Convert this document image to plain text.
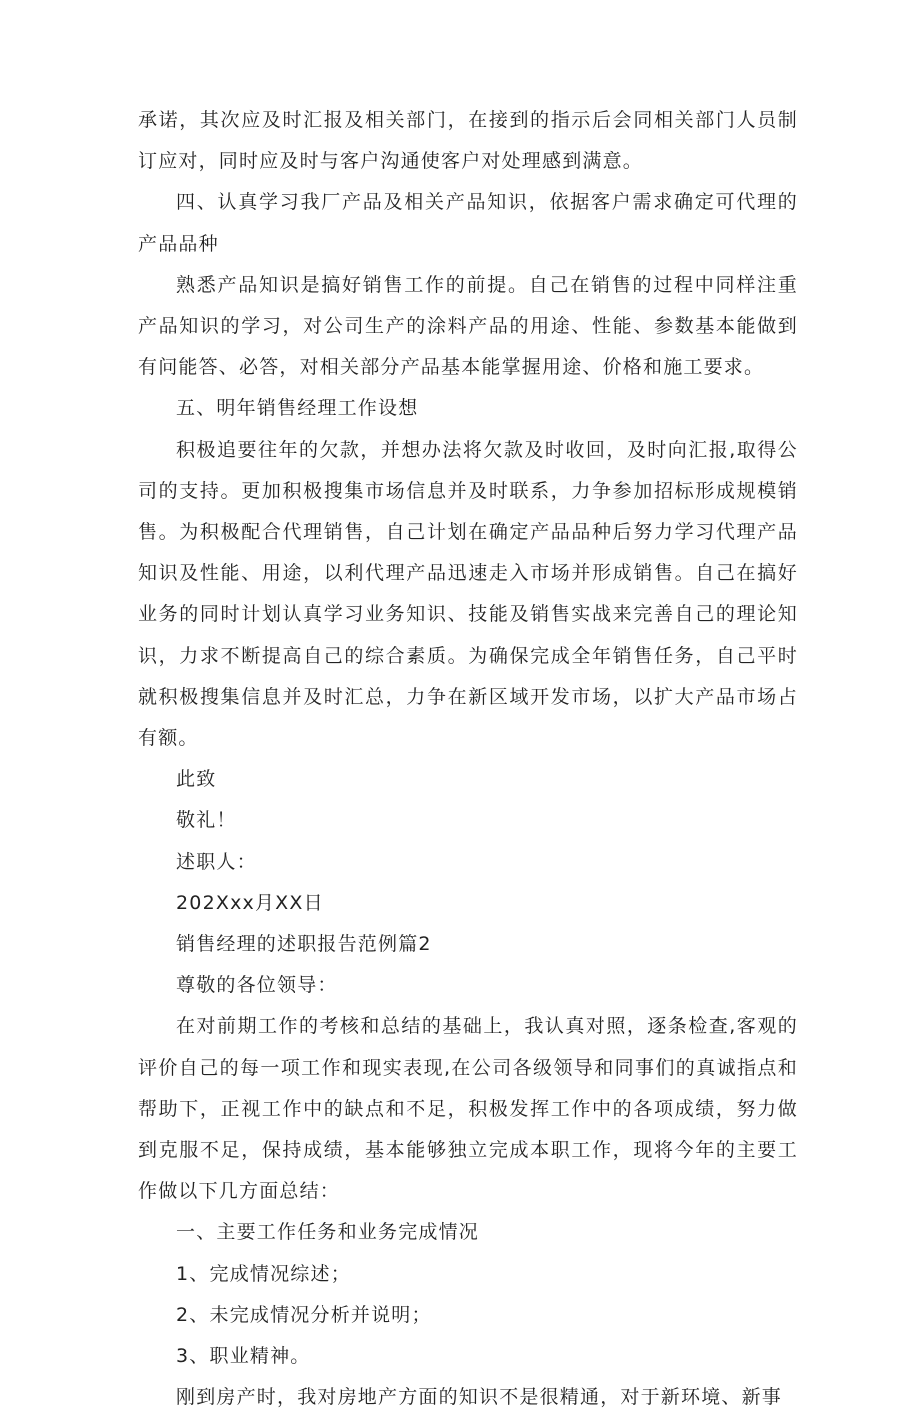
承诺，其次应及时汇报及相关部门，在接到的指示后会同相关部门人员制订应对，同时应及时与客户沟通使客户对处理感到满意。

四、认真学习我厂产品及相关产品知识，依据客户需求确定可代理的产品品种

熟悉产品知识是搞好销售工作的前提。自己在销售的过程中同样注重产品知识的学习，对公司生产的涂料产品的用途、性能、参数基本能做到有问能答、必答，对相关部分产品基本能掌握用途、价格和施工要求。

五、明年销售经理工作设想

积极追要往年的欠款，并想办法将欠款及时收回，及时向汇报,取得公司的支持。更加积极搜集市场信息并及时联系，力争参加招标形成规模销售。为积极配合代理销售，自己计划在确定产品品种后努力学习代理产品知识及性能、用途，以利代理产品迅速走入市场并形成销售。自己在搞好业务的同时计划认真学习业务知识、技能及销售实战来完善自己的理论知识，力求不断提高自己的综合素质。为确保完成全年销售任务，自己平时就积极搜集信息并及时汇总，力争在新区域开发市场，以扩大产品市场占有额。

此致
敬礼！
述职人：
202Xxx月XX日
销售经理的述职报告范例篇2
尊敬的各位领导：

在对前期工作的考核和总结的基础上，我认真对照，逐条检查,客观的评价自己的每一项工作和现实表现,在公司各级领导和同事们的真诚指点和帮助下，正视工作中的缺点和不足，积极发挥工作中的各项成绩，努力做到克服不足，保持成绩，基本能够独立完成本职工作，现将今年的主要工作做以下几方面总结：

一、主要工作任务和业务完成情况
1、完成情况综述；
2、未完成情况分析并说明；
3、职业精神。

刚到房产时，我对房地产方面的知识不是很精通，对于新环境、新事
